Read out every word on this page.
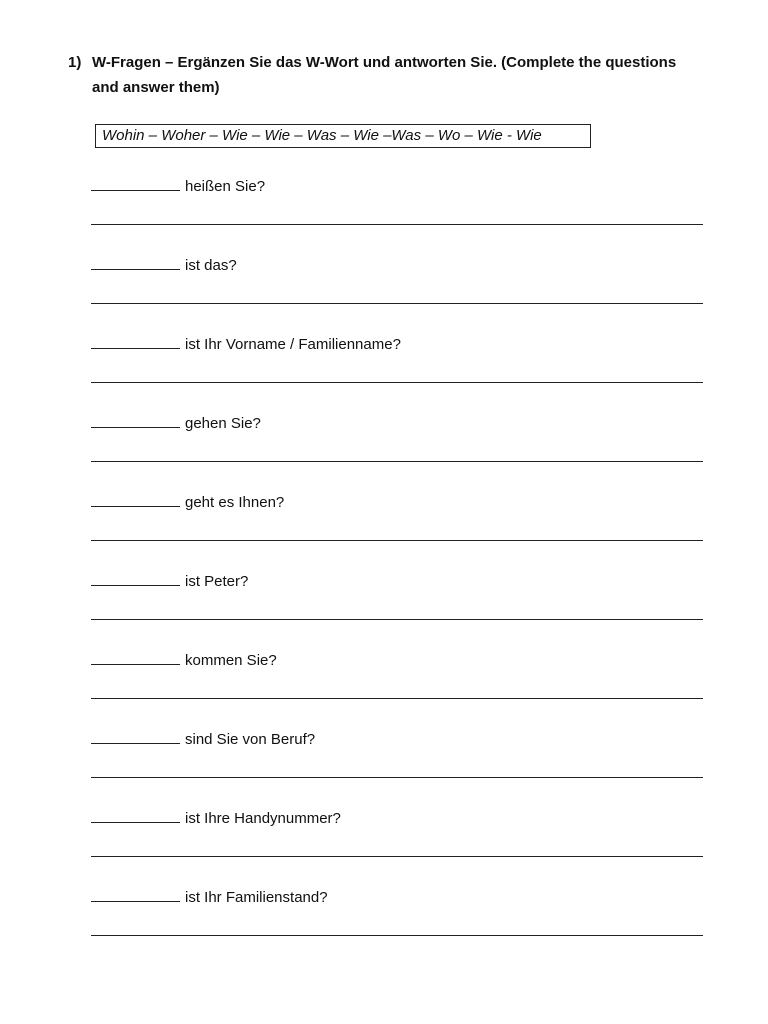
1) W-Fragen – Ergänzen Sie das W-Wort und antworten Sie. (Complete the questions
and answer them)
Wohin – Woher – Wie – Wie – Was – Wie –Was – Wo – Wie - Wie
heißen Sie?
ist das?
ist Ihr Vorname / Familienname?
gehen Sie?
geht es Ihnen?
ist Peter?
kommen Sie?
sind Sie von Beruf?
ist Ihre Handynummer?
ist Ihr Familienstand?
